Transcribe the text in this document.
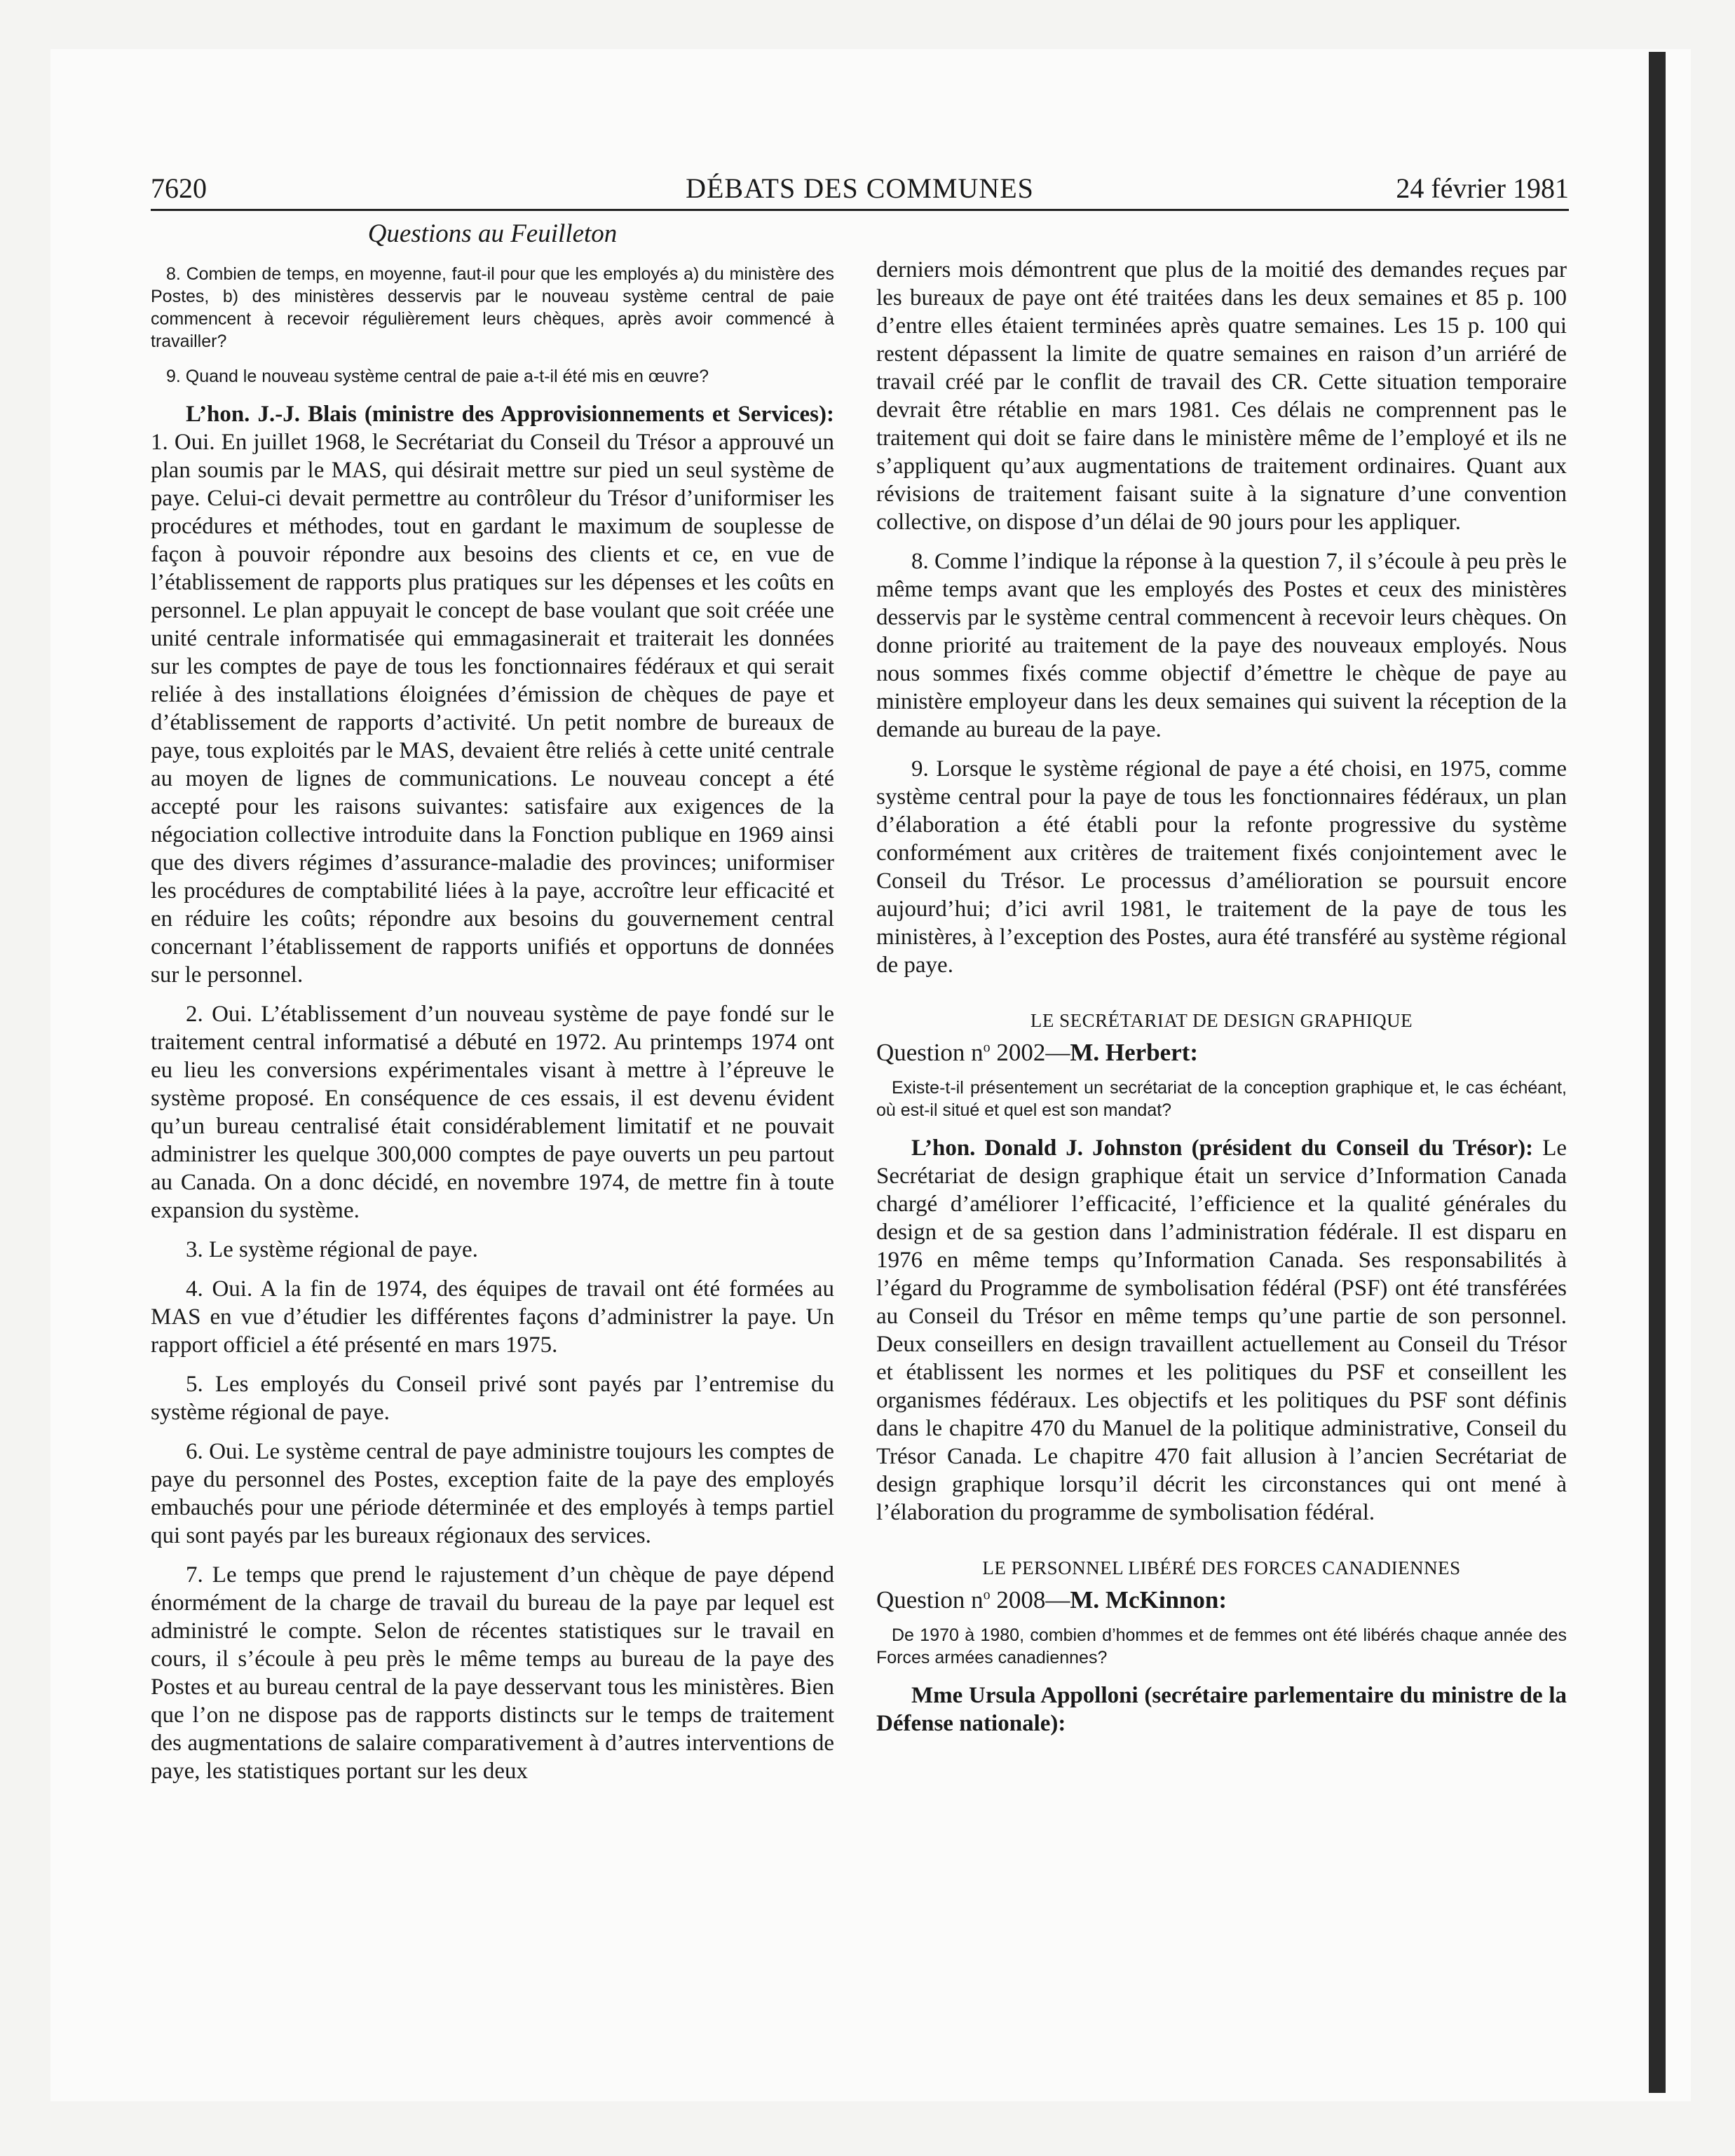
7620	DÉBATS DES COMMUNES	24 février 1981
Questions au Feuilleton

8. Combien de temps, en moyenne, faut-il pour que les employés a) du ministère des Postes, b) des ministères desservis par le nouveau système central de paie commencent à recevoir régulièrement leurs chèques, après avoir commencé à travailler?

9. Quand le nouveau système central de paie a-t-il été mis en œuvre?

L’hon. J.-J. Blais (ministre des Approvisionnements et Services): 1. Oui. En juillet 1968, le Secrétariat du Conseil du Trésor a approuvé un plan soumis par le MAS, qui désirait mettre sur pied un seul système de paye. Celui-ci devait permettre au contrôleur du Trésor d’uniformiser les procédures et méthodes, tout en gardant le maximum de souplesse de façon à pouvoir répondre aux besoins des clients et ce, en vue de l’établissement de rapports plus pratiques sur les dépenses et les coûts en personnel. Le plan appuyait le concept de base voulant que soit créée une unité centrale informatisée qui emmagasinerait et traiterait les données sur les comptes de paye de tous les fonctionnaires fédéraux et qui serait reliée à des installations éloignées d’émission de chèques de paye et d’établissement de rapports d’activité. Un petit nombre de bureaux de paye, tous exploités par le MAS, devaient être reliés à cette unité centrale au moyen de lignes de communications. Le nouveau concept a été accepté pour les raisons suivantes: satisfaire aux exigences de la négociation collective introduite dans la Fonction publique en 1969 ainsi que des divers régimes d’assurance-maladie des provinces; uniformiser les procédures de comptabilité liées à la paye, accroître leur efficacité et en réduire les coûts; répondre aux besoins du gouvernement central concernant l’établissement de rapports unifiés et opportuns de données sur le personnel.

2. Oui. L’établissement d’un nouveau système de paye fondé sur le traitement central informatisé a débuté en 1972. Au printemps 1974 ont eu lieu les conversions expérimentales visant à mettre à l’épreuve le système proposé. En conséquence de ces essais, il est devenu évident qu’un bureau centralisé était considérablement limitatif et ne pouvait administrer les quelque 300,000 comptes de paye ouverts un peu partout au Canada. On a donc décidé, en novembre 1974, de mettre fin à toute expansion du système.

3. Le système régional de paye.

4. Oui. A la fin de 1974, des équipes de travail ont été formées au MAS en vue d’étudier les différentes façons d’administrer la paye. Un rapport officiel a été présenté en mars 1975.

5. Les employés du Conseil privé sont payés par l’entremise du système régional de paye.

6. Oui. Le système central de paye administre toujours les comptes de paye du personnel des Postes, exception faite de la paye des employés embauchés pour une période déterminée et des employés à temps partiel qui sont payés par les bureaux régionaux des services.

7. Le temps que prend le rajustement d’un chèque de paye dépend énormément de la charge de travail du bureau de la paye par lequel est administré le compte. Selon de récentes statistiques sur le travail en cours, il s’écoule à peu près le même temps au bureau de la paye des Postes et au bureau central de la paye desservant tous les ministères. Bien que l’on ne dispose pas de rapports distincts sur le temps de traitement des augmentations de salaire comparativement à d’autres interventions de paye, les statistiques portant sur les deux

derniers mois démontrent que plus de la moitié des demandes reçues par les bureaux de paye ont été traitées dans les deux semaines et 85 p. 100 d’entre elles étaient terminées après quatre semaines. Les 15 p. 100 qui restent dépassent la limite de quatre semaines en raison d’un arriéré de travail créé par le conflit de travail des CR. Cette situation temporaire devrait être rétablie en mars 1981. Ces délais ne comprennent pas le traitement qui doit se faire dans le ministère même de l’employé et ils ne s’appliquent qu’aux augmentations de traitement ordinaires. Quant aux révisions de traitement faisant suite à la signature d’une convention collective, on dispose d’un délai de 90 jours pour les appliquer.

8. Comme l’indique la réponse à la question 7, il s’écoule à peu près le même temps avant que les employés des Postes et ceux des ministères desservis par le système central commencent à recevoir leurs chèques. On donne priorité au traitement de la paye des nouveaux employés. Nous nous sommes fixés comme objectif d’émettre le chèque de paye au ministère employeur dans les deux semaines qui suivent la réception de la demande au bureau de la paye.

9. Lorsque le système régional de paye a été choisi, en 1975, comme système central pour la paye de tous les fonctionnaires fédéraux, un plan d’élaboration a été établi pour la refonte progressive du système conformément aux critères de traitement fixés conjointement avec le Conseil du Trésor. Le processus d’amélioration se poursuit encore aujourd’hui; d’ici avril 1981, le traitement de la paye de tous les ministères, à l’exception des Postes, aura été transféré au système régional de paye.

LE SECRÉTARIAT DE DESIGN GRAPHIQUE
Question $n^o$ 2002—M. Herbert:

Existe-t-il présentement un secrétariat de la conception graphique et, le cas échéant, où est-il situé et quel est son mandat?

L’hon. Donald J. Johnston (président du Conseil du Trésor): Le Secrétariat de design graphique était un service d’Information Canada chargé d’améliorer l’efficacité, l’efficience et la qualité générales du design et de sa gestion dans l’administration fédérale. Il est disparu en 1976 en même temps qu’Information Canada. Ses responsabilités à l’égard du Programme de symbolisation fédéral (PSF) ont été transférées au Conseil du Trésor en même temps qu’une partie de son personnel. Deux conseillers en design travaillent actuellement au Conseil du Trésor et établissent les normes et les politiques du PSF et conseillent les organismes fédéraux. Les objectifs et les politiques du PSF sont définis dans le chapitre 470 du Manuel de la politique administrative, Conseil du Trésor Canada. Le chapitre 470 fait allusion à l’ancien Secrétariat de design graphique lorsqu’il décrit les circonstances qui ont mené à l’élaboration du programme de symbolisation fédéral.

LE PERSONNEL LIBÉRÉ DES FORCES CANADIENNES
Question $n^o$ 2008—M. McKinnon:

De 1970 à 1980, combien d’hommes et de femmes ont été libérés chaque année des Forces armées canadiennes?

Mme Ursula Appolloni (secrétaire parlementaire du ministre de la Défense nationale):
